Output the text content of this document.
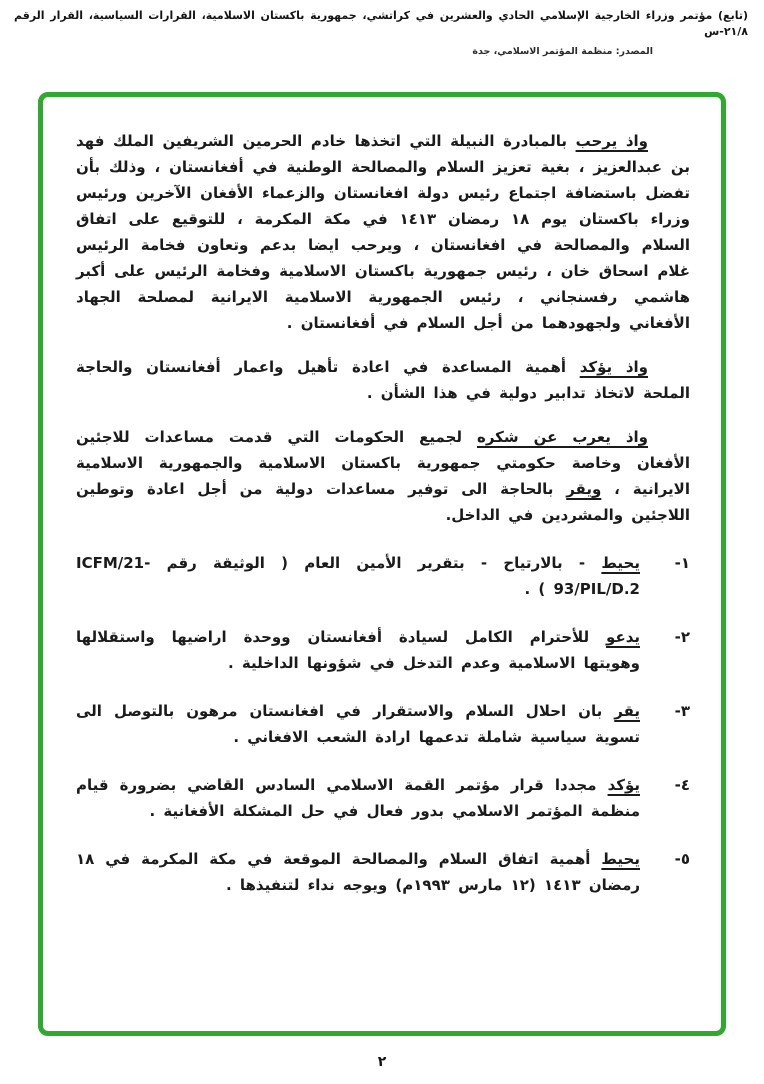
(تابع) مؤتمر وزراء الخارجية الإسلامي الحادي والعشرين في كراتشي، جمهورية باكستان الاسلامية، القرارات السياسية، القرار الرقم ٢١/٨-س
المصدر: منظمة المؤتمر الاسلامي، جدة

واذ يرحب بالمبادرة النبيلة التي اتخذها خادم الحرمين الشريفين الملك فهد بن عبدالعزيز ، بغية تعزيز السلام والمصالحة الوطنية في أفغانستان ، وذلك بأن تفضل باستضافة اجتماع رئيس دولة افغانستان والزعماء الأفغان الآخرين ورئيس وزراء باكستان يوم ١٨ رمضان ١٤١٣ في مكة المكرمة ، للتوقيع على اتفاق السلام والمصالحة في افغانستان ، ويرحب ايضا بدعم وتعاون فخامة الرئيس غلام اسحاق خان ، رئيس جمهورية باكستان الاسلامية وفخامة الرئيس على أكبر هاشمي رفسنجاني ، رئيس الجمهورية الاسلامية الايرانية لمصلحة الجهاد الأفغاني ولجهودهما من أجل السلام في أفغانستان .

واذ يؤكد أهمية المساعدة في اعادة تأهيل واعمار أفغانستان والحاجة الملحة لاتخاذ تدابير دولية في هذا الشأن .

واذ يعرب عن شكره لجميع الحكومات التي قدمت مساعدات للاجئين الأفغان وخاصة حكومتي جمهورية باكستان الاسلامية والجمهورية الاسلامية الايرانية ، ويقر بالحاجة الى توفير مساعدات دولية من أجل اعادة وتوطين اللاجئين والمشردين في الداخل.

١-
يحيط - بالارتياح - بتقرير الأمين العام ( الوثيقة رقم ICFM/21-93/PIL/D.2 ) .
٢-
يدعو للأحترام الكامل لسيادة أفغانستان ووحدة اراضيها واستقلالها وهويتها الاسلامية وعدم التدخل في شؤونها الداخلية .
٣-
يقر بان احلال السلام والاستقرار في افغانستان مرهون بالتوصل الى تسوية سياسية شاملة تدعمها ارادة الشعب الافغاني .
٤-
يؤكد مجددا قرار مؤتمر القمة الاسلامي السادس القاضي بضرورة قيام منظمة المؤتمر الاسلامي بدور فعال في حل المشكلة الأفغانية .
٥-
يحيط أهمية اتفاق السلام والمصالحة الموقعة في مكة المكرمة في ١٨ رمضان ١٤١٣ (١٢ مارس ١٩٩٣م) ويوجه نداء لتنفيذها .
٢
